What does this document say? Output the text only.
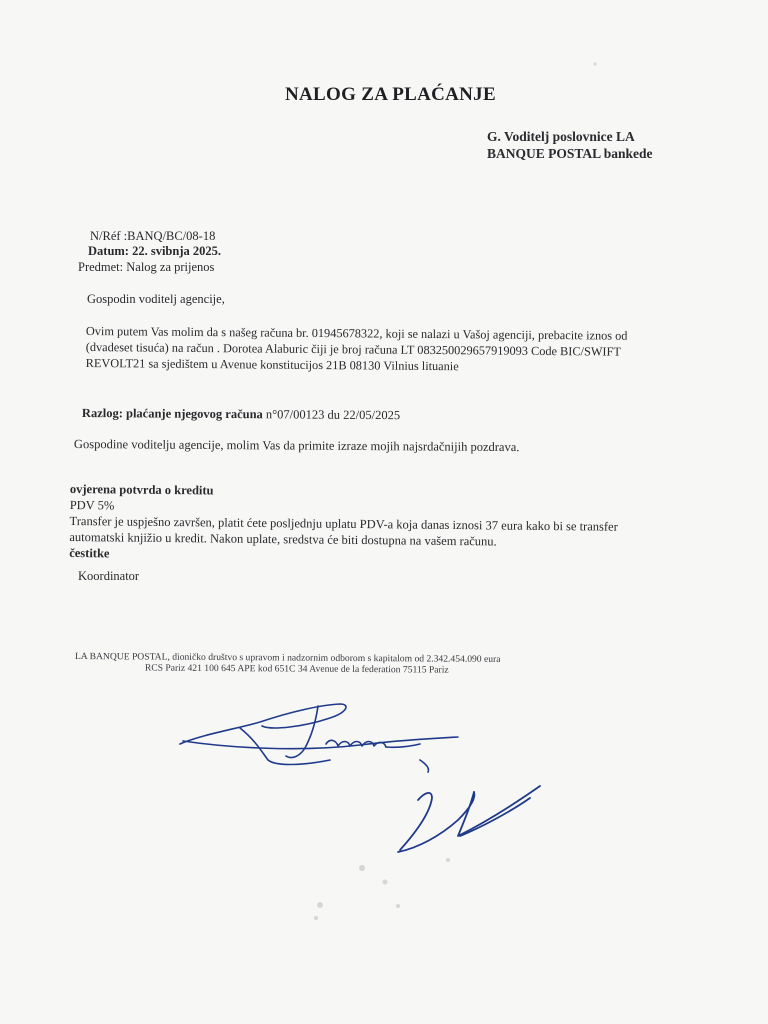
NALOG ZA PLAĆANJE
G. Voditelj poslovnice LA
BANQUE POSTAL bankede
N/Réf :BANQ/BC/08-18
Datum: 22. svibnja 2025.
Predmet: Nalog za prijenos
Gospodin voditelj agencije,
Ovim putem Vas molim da s našeg računa br. 01945678322, koji se nalazi u Vašoj agenciji, prebacite iznos od
(dvadeset tisuća) na račun . Dorotea Alaburic čiji je broj računa LT 083250029657919093 Code BIC/SWIFT
REVOLT21 sa sjedištem u Avenue konstitucijos 21B 08130 Vilnius lituanie
Razlog: plaćanje njegovog računa n°07/00123 du 22/05/2025
Gospodine voditelju agencije, molim Vas da primite izraze mojih najsrdačnijih pozdrava.
ovjerena potvrda o kreditu
PDV 5%
Transfer je uspješno završen, platit ćete posljednju uplatu PDV-a koja danas iznosi 37 eura kako bi se transfer
automatski knjižio u kredit. Nakon uplate, sredstva će biti dostupna na vašem računu.
čestitke
Koordinator
LA BANQUE POSTAL, dioničko društvo s upravom i nadzornim odborom s kapitalom od 2.342.454.090 eura
RCS Pariz 421 100 645 APE kod 651C 34 Avenue de la federation 75115 Pariz
